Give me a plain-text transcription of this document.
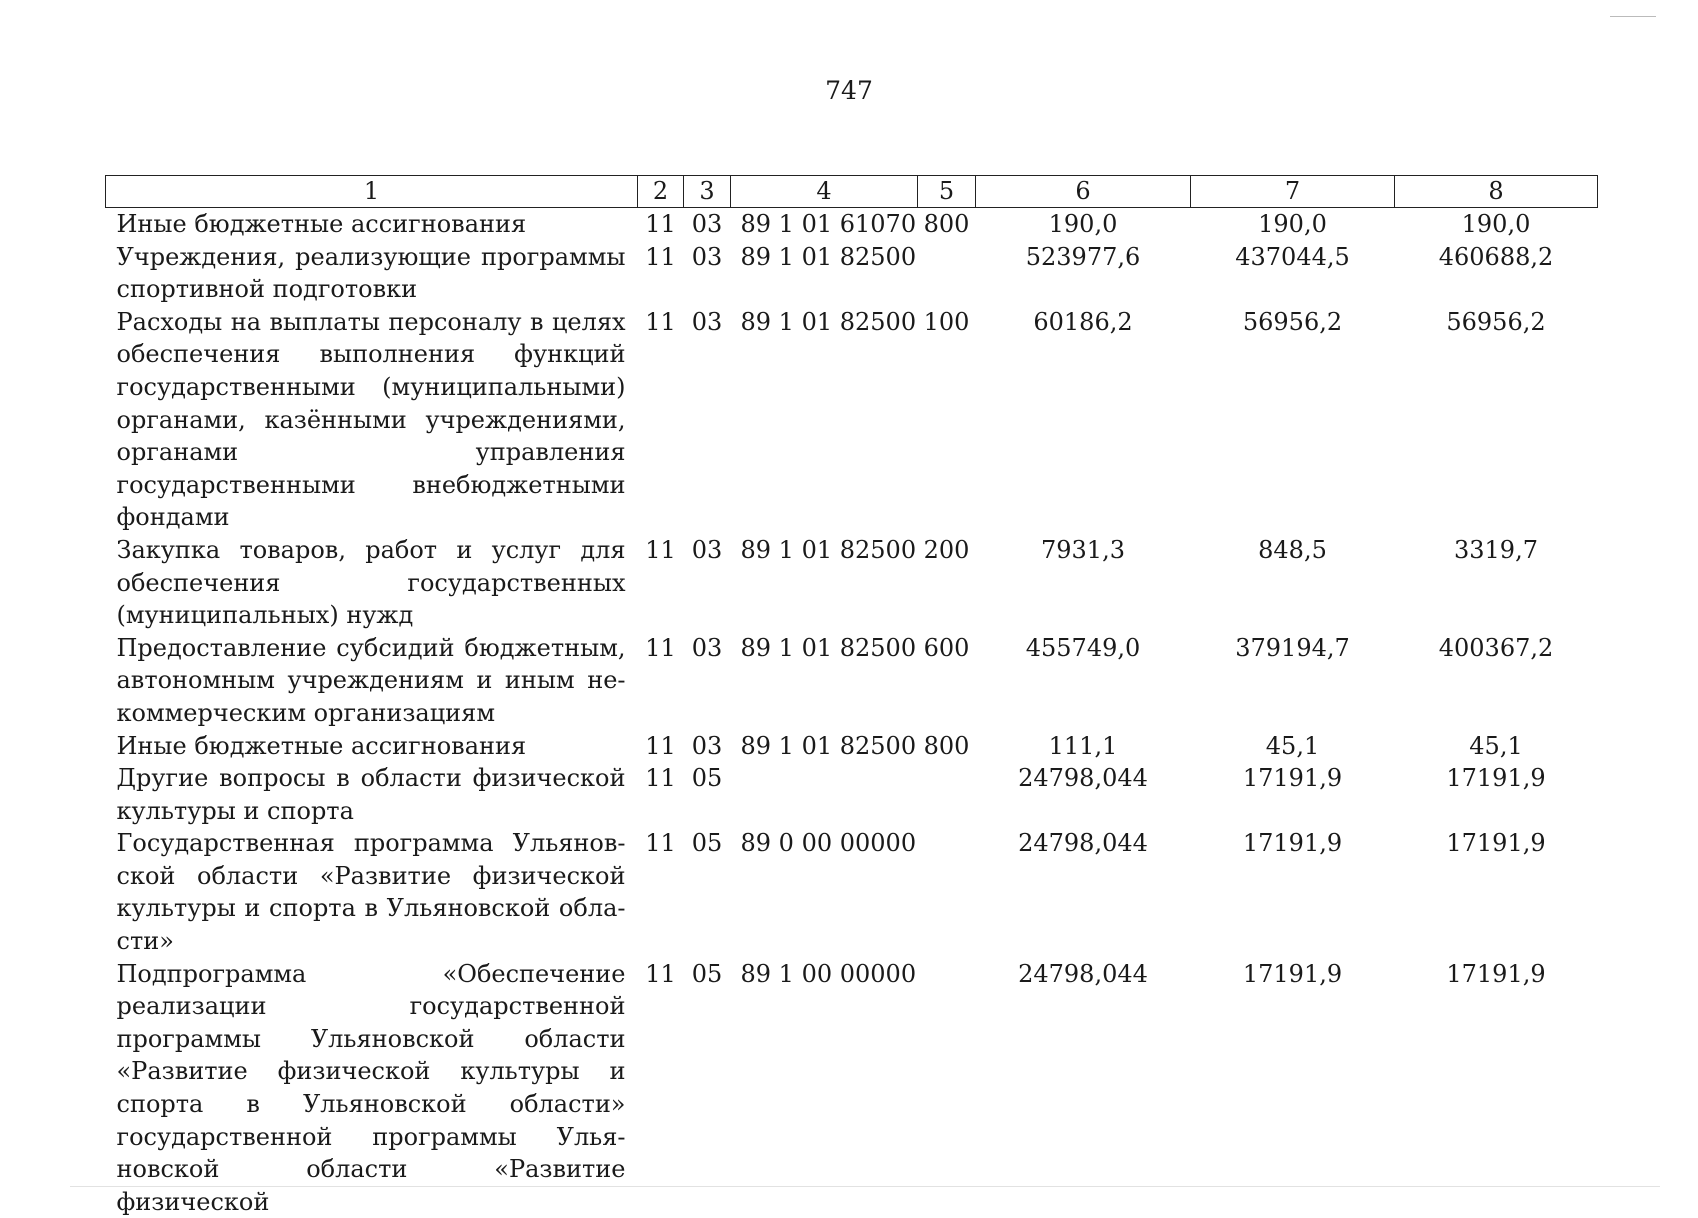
747
1	2	3	4	5	6	7	8
Иные бюджетные ассигнования	11	03	89 1 01 61070	800	190,0	190,0	190,0
Учреждения, реализующие программы спортивной подготовки	11	03	89 1 01 82500		523977,6	437044,5	460688,2
Расходы на выплаты персоналу в целях обеспечения выполнения функций государственными (муниципальными) органами, казёнными учреждениями, органами управления государственными внебюджетными фондами	11	03	89 1 01 82500	100	60186,2	56956,2	56956,2
Закупка товаров, работ и услуг для обеспечения государственных (муниципальных) нужд	11	03	89 1 01 82500	200	7931,3	848,5	3319,7
Предоставление субсидий бюджетным, автономным учреждениям и иным некоммерческим организациям	11	03	89 1 01 82500	600	455749,0	379194,7	400367,2
Иные бюджетные ассигнования	11	03	89 1 01 82500	800	111,1	45,1	45,1
Другие вопросы в области физической культуры и спорта	11	05			24798,044	17191,9	17191,9
Государственная программа Ульяновской области «Развитие физической культуры и спорта в Ульяновской области»	11	05	89 0 00 00000		24798,044	17191,9	17191,9
Подпрограмма «Обеспечение реализации государственной программы Ульяновской области «Развитие физической культуры и спорта в Ульяновской области» государственной программы Ульяновской области «Развитие физической	11	05	89 1 00 00000		24798,044	17191,9	17191,9
